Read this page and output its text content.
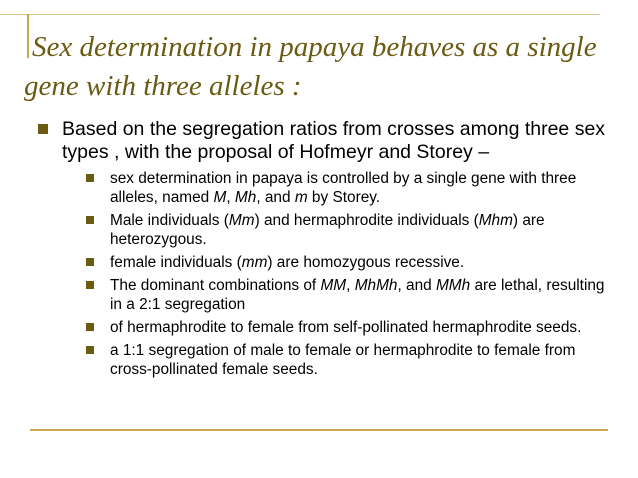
Sex determination in papaya behaves as a single
gene with three alleles :

Based on the segregation ratios from crosses among three sex types , with the proposal of Hofmeyr and Storey –

sex determination in papaya is controlled by a single gene with three alleles, named M, Mh, and m by Storey.

Male individuals (Mm) and hermaphrodite individuals (Mhm) are heterozygous.

female individuals (mm) are homozygous recessive.

The dominant combinations of MM, MhMh, and MMh are lethal, resulting in a 2:1 segregation

of hermaphrodite to female from self-pollinated hermaphrodite seeds.

a 1:1 segregation of male to female or hermaphrodite to female from cross-pollinated female seeds.
